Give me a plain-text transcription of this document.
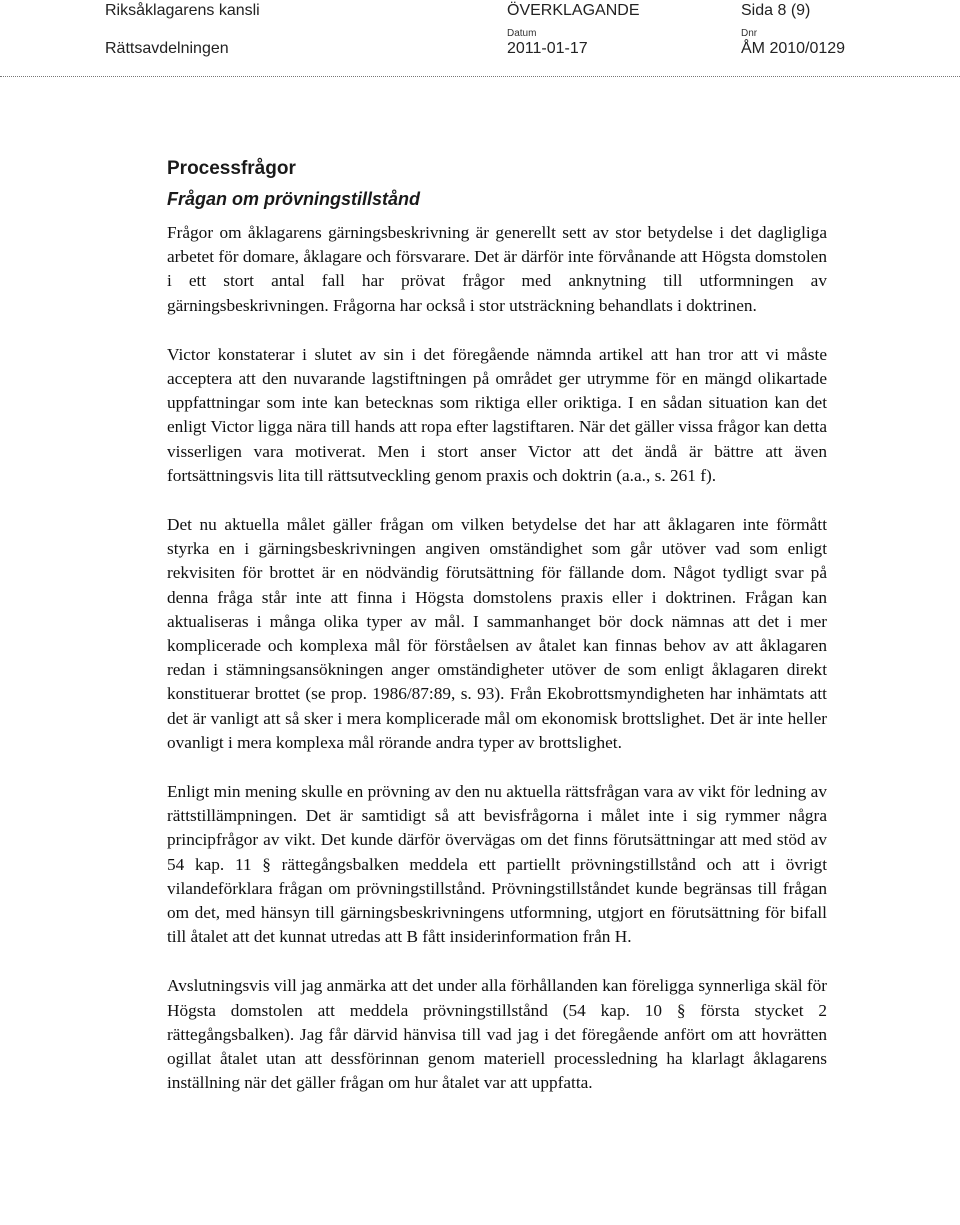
Riksåklagarens kansli
Rättsavdelningen
ÖVERKLAGANDE
Datum
2011-01-17
Sida 8 (9)
Dnr
ÅM 2010/0129
Processfrågor
Frågan om prövningstillstånd

Frågor om åklagarens gärningsbeskrivning är generellt sett av stor betydelse i det dagligliga arbetet för domare, åklagare och försvarare. Det är därför inte förvånande att Högsta domstolen i ett stort antal fall har prövat frågor med anknytning till utformningen av gärningsbeskrivningen. Frågorna har också i stor utsträckning behandlats i doktrinen.

Victor konstaterar i slutet av sin i det föregående nämnda artikel att han tror att vi måste acceptera att den nuvarande lagstiftningen på området ger utrymme för en mängd olikartade uppfattningar som inte kan betecknas som riktiga eller oriktiga. I en sådan situation kan det enligt Victor ligga nära till hands att ropa efter lagstiftaren. När det gäller vissa frågor kan detta visserligen vara motiverat. Men i stort anser Victor att det ändå är bättre att även fortsättningsvis lita till rättsutveckling genom praxis och doktrin (a.a., s. 261 f).

Det nu aktuella målet gäller frågan om vilken betydelse det har att åklagaren inte förmått styrka en i gärningsbeskrivningen angiven omständighet som går utöver vad som enligt rekvisiten för brottet är en nödvändig förutsättning för fällande dom. Något tydligt svar på denna fråga står inte att finna i Högsta domstolens praxis eller i doktrinen. Frågan kan aktualiseras i många olika typer av mål. I sammanhanget bör dock nämnas att det i mer komplicerade och komplexa mål för förståelsen av åtalet kan finnas behov av att åklagaren redan i stämningsansökningen anger omständigheter utöver de som enligt åklagaren direkt konstituerar brottet (se prop. 1986/87:89, s. 93). Från Ekobrottsmyndigheten har inhämtats att det är vanligt att så sker i mera komplicerade mål om ekonomisk brottslighet. Det är inte heller ovanligt i mera komplexa mål rörande andra typer av brottslighet.

Enligt min mening skulle en prövning av den nu aktuella rättsfrågan vara av vikt för ledning av rättstillämpningen. Det är samtidigt så att bevisfrågorna i målet inte i sig rymmer några principfrågor av vikt. Det kunde därför övervägas om det finns förutsättningar att med stöd av 54 kap. 11 § rättegångsbalken meddela ett partiellt prövningstillstånd och att i övrigt vilandeförklara frågan om prövningstillstånd. Prövningstillståndet kunde begränsas till frågan om det, med hänsyn till gärningsbeskrivningens utformning, utgjort en förutsättning för bifall till åtalet att det kunnat utredas att B fått insiderinformation från H.

Avslutningsvis vill jag anmärka att det under alla förhållanden kan föreligga synnerliga skäl för Högsta domstolen att meddela prövningstillstånd (54 kap. 10 § första stycket 2 rättegångsbalken). Jag får därvid hänvisa till vad jag i det föregående anfört om att hovrätten ogillat åtalet utan att dessförinnan genom materiell processledning ha klarlagt åklagarens inställning när det gäller frågan om hur åtalet var att uppfatta.
